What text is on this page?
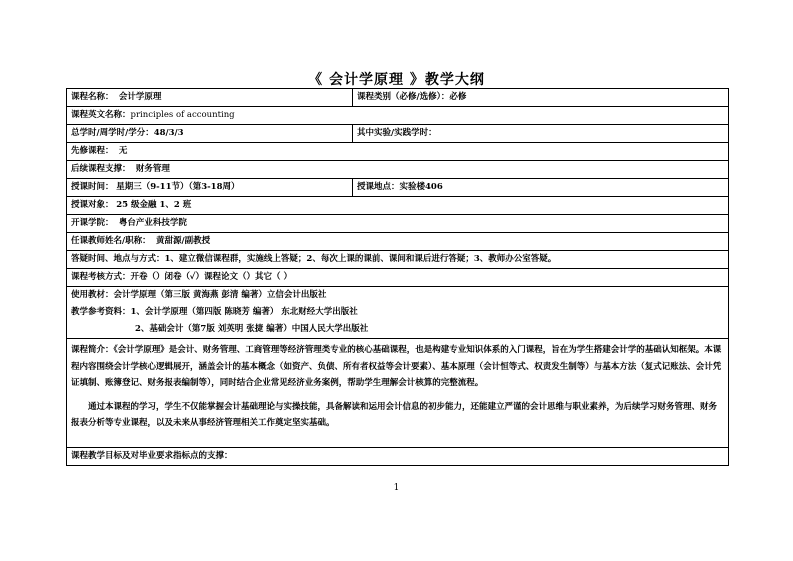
《 会计学原理 》教学大纲
课程名称： 会计学原理	课程类别（必修/选修）：必修
课程英文名称：principles of accounting	
总学时/周学时/学分：48/3/3	其中实验/实践学时：
先修课程： 无	
后续课程支撑： 财务管理	
授课时间： 星期三（9-11节）（第3-18周）	授课地点：实验楼406
授课对象： 25 级金融 1、2 班	
开课学院： 粤台产业科技学院	
任课教师姓名/职称： 黄甜源/副教授	
答疑时间、地点与方式：1、建立微信课程群，实施线上答疑；2、每次上课的课前、课间和课后进行答疑；3、教师办公室答疑。	
课程考核方式：开卷（）闭卷（✓）课程论文（）其它（ ）	

使用教材：会计学原理（第三版 黄海燕 彭清 编著）立信会计出版社
教学参考资料：1、会计学原理（第四版 陈晓芳 编著） 东北财经大学出版社
2、基础会计（第7版 刘英明 张捷 编著）中国人民大学出版社	

课程简介：《会计学原理》是会计、财务管理、工商管理等经济管理类专业的核心基础课程，也是构建专业知识体系的入门课程，旨在为学生搭建会计学的基础认知框架。本课程内容围绕会计学核心逻辑展开，涵盖会计的基本概念（如资产、负债、所有者权益等会计要素）、基本原理（会计恒等式、权责发生制等）与基本方法（复式记账法、会计凭证填制、账簿登记、财务报表编制等），同时结合企业常见经济业务案例，帮助学生理解会计核算的完整流程。
通过本课程的学习，学生不仅能掌握会计基础理论与实操技能，具备解读和运用会计信息的初步能力，还能建立严谨的会计思维与职业素养，为后续学习财务管理、财务报表分析等专业课程，以及未来从事经济管理相关工作奠定坚实基础。	

课程教学目标及对毕业要求指标点的支撑：	
1
